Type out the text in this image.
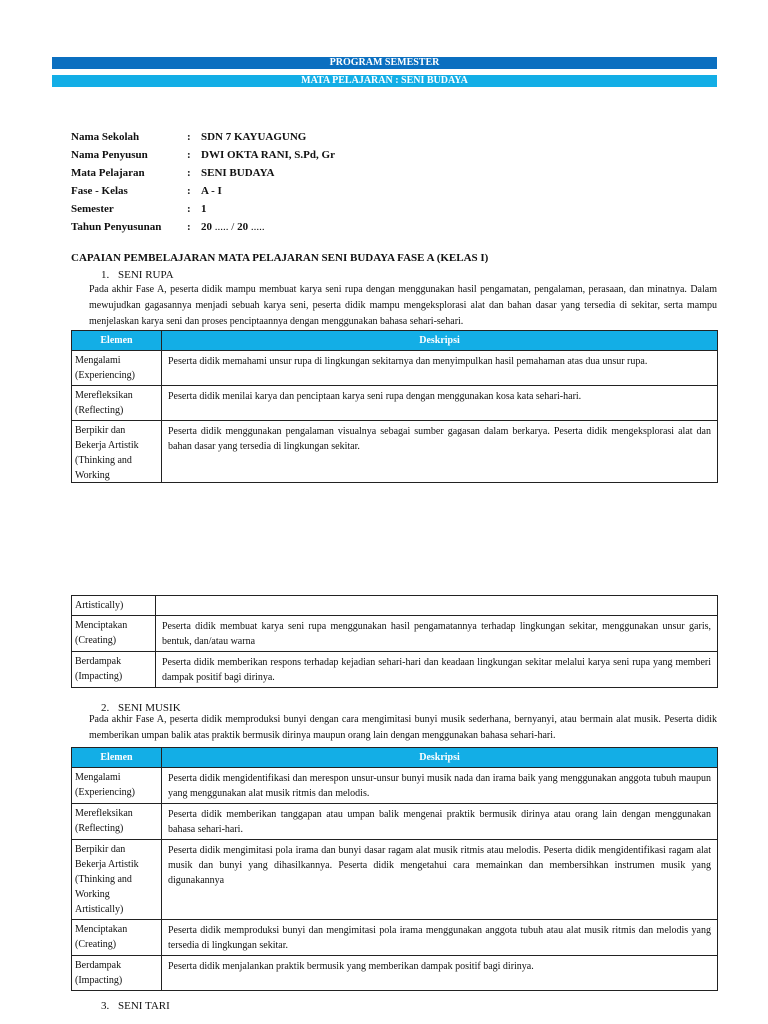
PROGRAM SEMESTER
MATA PELAJARAN : SENI BUDAYA
Nama Sekolah	: SDN 7 KAYUAGUNG
Nama Penyusun	: DWI OKTA RANI, S.Pd, Gr
Mata Pelajaran	: SENI BUDAYA
Fase - Kelas	: A - I
Semester	: 1
Tahun Penyusunan	: 20 ..... / 20 .....
CAPAIAN PEMBELAJARAN MATA PELAJARAN SENI BUDAYA FASE A (KELAS I)
1. SENI RUPA
Pada akhir Fase A, peserta didik mampu membuat karya seni rupa dengan menggunakan hasil pengamatan, pengalaman, perasaan, dan minatnya. Dalam mewujudkan gagasannya menjadi sebuah karya seni, peserta didik mampu mengeksplorasi alat dan bahan dasar yang tersedia di sekitar, serta mampu menjelaskan karya seni dan proses penciptaannya dengan menggunakan bahasa sehari-sehari.
Elemen	Deskripsi
Mengalami (Experiencing)	Peserta didik memahami unsur rupa di lingkungan sekitarnya dan menyimpulkan hasil pemahaman atas dua unsur rupa.
Merefleksikan (Reflecting)	Peserta didik menilai karya dan penciptaan karya seni rupa dengan menggunakan kosa kata sehari-hari.

Berpikir dan Bekerja Artistik (Thinking and Working	Peserta didik menggunakan pengalaman visualnya sebagai sumber gagasan dalam berkarya. Peserta didik mengeksplorasi alat dan bahan dasar yang tersedia di lingkungan sekitar.
Artistically)	
Menciptakan (Creating)	Peserta didik membuat karya seni rupa menggunakan hasil pengamatannya terhadap lingkungan sekitar, menggunakan unsur garis, bentuk, dan/atau warna
Berdampak (Impacting)	Peserta didik memberikan respons terhadap kejadian sehari-hari dan keadaan lingkungan sekitar melalui karya seni rupa yang memberi dampak positif bagi dirinya.
2. SENI MUSIK
Pada akhir Fase A, peserta didik memproduksi bunyi dengan cara mengimitasi bunyi musik sederhana, bernyanyi, atau bermain alat musik. Peserta didik memberikan umpan balik atas praktik bermusik dirinya maupun orang lain dengan menggunakan bahasa sehari-hari.
Elemen	Deskripsi
Mengalami (Experiencing)	Peserta didik mengidentifikasi dan merespon unsur-unsur bunyi musik nada dan irama baik yang menggunakan anggota tubuh maupun yang menggunakan alat musik ritmis dan melodis.
Merefleksikan (Reflecting)	Peserta didik memberikan tanggapan atau umpan balik mengenai praktik bermusik dirinya atau orang lain dengan menggunakan bahasa sehari-hari.
Berpikir dan Bekerja Artistik (Thinking and Working Artistically)	Peserta didik mengimitasi pola irama dan bunyi dasar ragam alat musik ritmis atau melodis. Peserta didik mengidentifikasi ragam alat musik dan bunyi yang dihasilkannya. Peserta didik mengetahui cara memainkan dan membersihkan instrumen musik yang digunakannya
Menciptakan (Creating)	Peserta didik memproduksi bunyi dan mengimitasi pola irama menggunakan anggota tubuh atau alat musik ritmis dan melodis yang tersedia di lingkungan sekitar.
Berdampak (Impacting)	Peserta didik menjalankan praktik bermusik yang memberikan dampak positif bagi dirinya.
3. SENI TARI
